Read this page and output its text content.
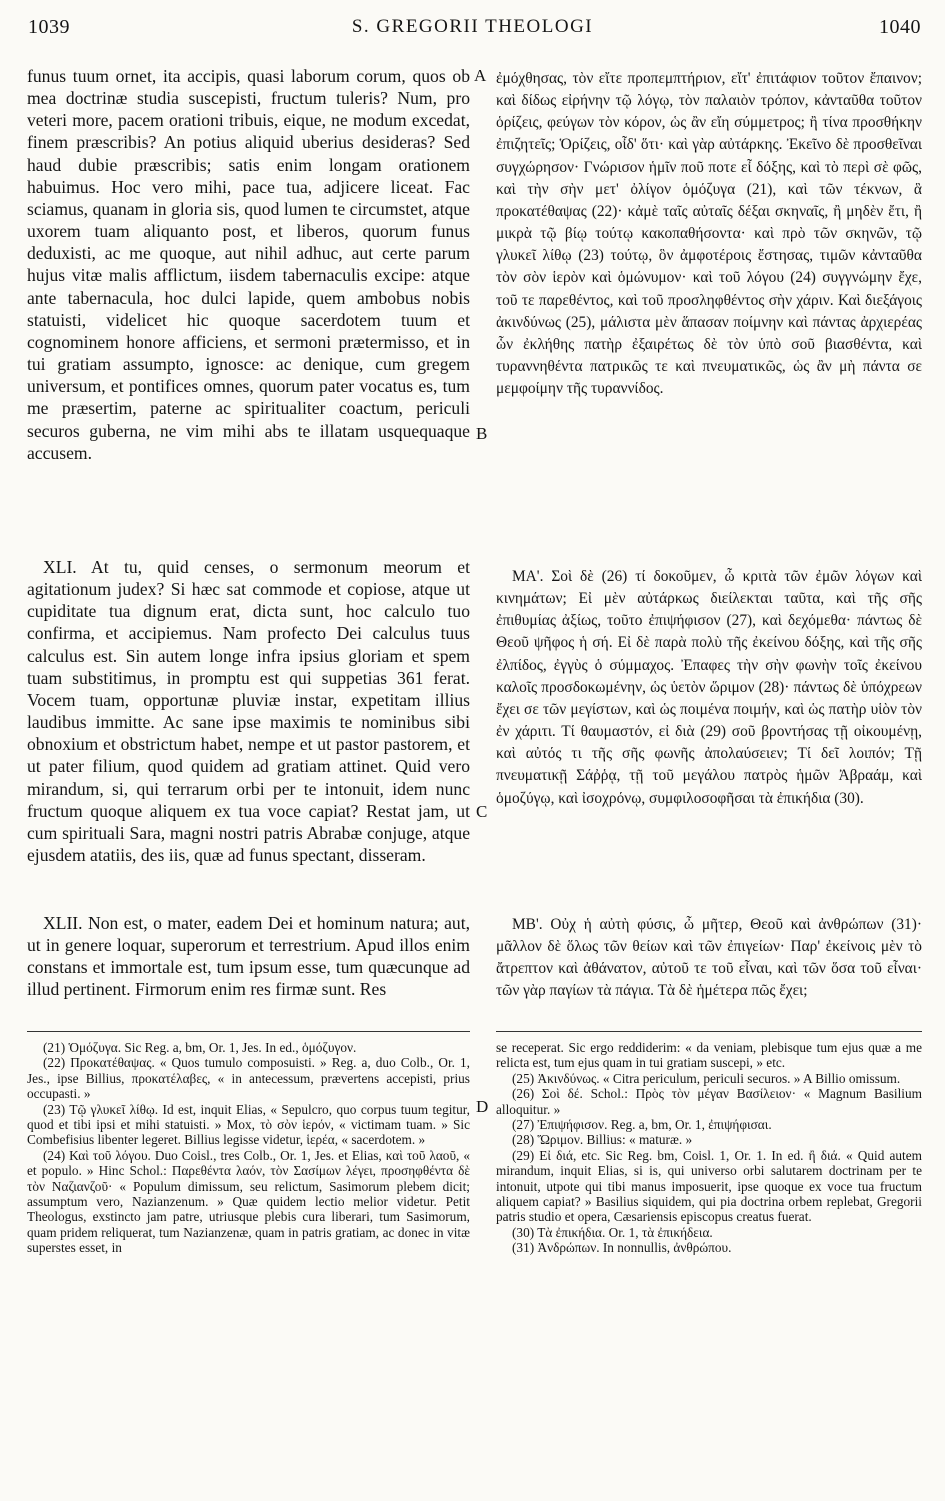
1039	S. GREGORII THEOLOGI	1040

funus tuum ornet, ita accipis, quasi laborum corum, quos ob mea doctrinæ studia suscepisti, fructum tuleris? Num, pro veteri more, pacem orationi tribuis, eique, ne modum excedat, finem præscribis? An potius aliquid uberius desideras? Sed haud dubie præscribis; satis enim longam orationem habuimus. Hoc vero mihi, pace tua, adjicere liceat. Fac sciamus, quanam in gloria sis, quod lumen te circumstet, atque uxorem tuam aliquanto post, et liberos, quorum funus deduxisti, ac me quoque, aut nihil adhuc, aut certe parum hujus vitæ malis afflictum, iisdem tabernaculis excipe: atque ante tabernacula, hoc dulci lapide, quem ambobus nobis statuisti, videlicet hic quoque sacerdotem tuum et cognominem honore afficiens, et sermoni prætermisso, et in tui gratiam assumpto, ignosce: ac denique, cum gregem universum, et pontifices omnes, quorum pater vocatus es, tum me præsertim, paterne ac spiritualiter coactum, periculi securos guberna, ne vim mihi abs te illatam usquequaque accusem.

XLI. At tu, quid censes, o sermonum meorum et agitationum judex? Si hæc sat commode et copiose, atque ut cupiditate tua dignum erat, dicta sunt, hoc calculo tuo confirma, et accipiemus. Nam profecto Dei calculus tuus calculus est. Sin autem longe infra ipsius gloriam et spem tuam substitimus, in promptu est qui suppetias 361 ferat. Vocem tuam, opportunæ pluviæ instar, expetitam illius laudibus immitte. Ac sane ipse maximis te nominibus sibi obnoxium et obstrictum habet, nempe et ut pastor pastorem, et ut pater filium, quod quidem ad gratiam attinet. Quid vero mirandum, si, qui terrarum orbi per te intonuit, idem nunc fructum quoque aliquem ex tua voce capiat? Restat jam, ut cum spirituali Sara, magni nostri patris Abrabæ conjuge, atque ejusdem atatiis, des iis, quæ ad funus spectant, disseram.

XLII. Non est, o mater, eadem Dei et hominum natura; aut, ut in genere loquar, superorum et terrestrium. Apud illos enim constans et immortale est, tum ipsum esse, tum quæcunque ad illud pertinent. Firmorum enim res firmæ sunt. Res

ἐμόχθησας, τὸν εἴτε προπεμπτήριον, εἴτ' ἐπιτάφιον τοῦτον ἔπαινον; καὶ δίδως εἰρήνην τῷ λόγῳ, τὸν παλαιὸν τρόπον, κἀνταῦθα τοῦτον ὁρίζεις, φεύγων τὸν κόρον, ὡς ἂν εἴη σύμμετρος; ἢ τίνα προσθήκην ἐπιζητεῖς; Ὁρίζεις, οἶδ' ὅτι· καὶ γὰρ αὐτάρκης. Ἐκεῖνο δὲ προσθεῖναι συγχώρησον· Γνώρισον ἡμῖν ποῦ ποτε εἶ δόξης, καὶ τὸ περὶ σὲ φῶς, καὶ τὴν σὴν μετ' ὀλίγον ὁμόζυγα (21), καὶ τῶν τέκνων, ἃ προκατέθαψας (22)· κἀμὲ ταῖς αὐταῖς δέξαι σκηναῖς, ἢ μηδὲν ἔτι, ἢ μικρὰ τῷ βίῳ τούτῳ κακοπαθήσοντα· καὶ πρὸ τῶν σκηνῶν, τῷ γλυκεῖ λίθῳ (23) τούτῳ, ὃν ἀμφοτέροις ἔστησας, τιμῶν κἀνταῦθα τὸν σὸν ἱερὸν καὶ ὁμώνυμον· καὶ τοῦ λόγου (24) συγγνώμην ἔχε, τοῦ τε παρεθέντος, καὶ τοῦ προσληφθέντος σὴν χάριν. Καὶ διεξάγοις ἀκινδύνως (25), μάλιστα μὲν ἅπασαν ποίμνην καὶ πάντας ἀρχιερέας ὧν ἐκλήθης πατὴρ ἐξαιρέτως δὲ τὸν ὑπὸ σοῦ βιασθέντα, καὶ τυραννηθέντα πατρικῶς τε καὶ πνευματικῶς, ὡς ἂν μὴ πάντα σε μεμφοίμην τῆς τυραννίδος.

ΜΑ'. Σοὶ δὲ (26) τί δοκοῦμεν, ὦ κριτὰ τῶν ἐμῶν λόγων καὶ κινημάτων; Εἰ μὲν αὐτάρκως διείλεκται ταῦτα, καὶ τῆς σῆς ἐπιθυμίας ἀξίως, τοῦτο ἐπιψήφισον (27), καὶ δεχόμεθα· πάντως δὲ Θεοῦ ψῆφος ἡ σή. Εἰ δὲ παρὰ πολὺ τῆς ἐκείνου δόξης, καὶ τῆς σῆς ἐλπίδος, ἐγγὺς ὁ σύμμαχος. Ἐπαφες τὴν σὴν φωνὴν τοῖς ἐκείνου καλοῖς προσδοκωμένην, ὡς ὑετὸν ὥριμον (28)· πάντως δὲ ὑπόχρεων ἔχει σε τῶν μεγίστων, καὶ ὡς ποιμένα ποιμήν, καὶ ὡς πατὴρ υἱὸν τὸν ἐν χάριτι. Τί θαυμαστόν, εἰ διὰ (29) σοῦ βροντήσας τῇ οἰκουμένῃ, καὶ αὐτός τι τῆς σῆς φωνῆς ἀπολαύσειεν; Τί δεῖ λοιπόν; Τῇ πνευματικῇ Σάῤῥᾳ, τῇ τοῦ μεγάλου πατρὸς ἡμῶν Ἀβραάμ, καὶ ὁμοζύγῳ, καὶ ἰσοχρόνῳ, συμφιλοσοφῆσαι τὰ ἐπικήδια (30).

ΜΒ'. Οὐχ ἡ αὐτὴ φύσις, ὦ μῆτερ, Θεοῦ καὶ ἀνθρώπων (31)· μᾶλλον δὲ ὅλως τῶν θείων καὶ τῶν ἐπιγείων· Παρ' ἐκείνοις μὲν τὸ ἄτρεπτον καὶ ἀθάνατον, αὐτοῦ τε τοῦ εἶναι, καὶ τῶν ὅσα τοῦ εἶναι· τῶν γὰρ παγίων τὰ πάγια. Τὰ δὲ ἡμέτερα πῶς ἔχει;

A
B
C
D

(21) Ὁμόζυγα. Sic Reg. a, bm, Or. 1, Jes. In ed., ὁμόζυγον.

(22) Προκατέθαψας. « Quos tumulo composuisti. » Reg. a, duo Colb., Or. 1, Jes., ipse Billius, προκατέλαβες, « in antecessum, prævertens accepisti, prius occupasti. »

(23) Τῷ γλυκεῖ λίθῳ. Id est, inquit Elias, « Sepulcro, quo corpus tuum tegitur, quod et tibi ipsi et mihi statuisti. » Mox, τὸ σὸν ἱερόν, « victimam tuam. » Sic Combefisius libenter legeret. Billius legisse videtur, ἱερέα, « sacerdotem. »

(24) Καὶ τοῦ λόγου. Duo Coisl., tres Colb., Or. 1, Jes. et Elias, καὶ τοῦ λαοῦ, « et populo. » Hinc Schol.: Παρεθέντα λαόν, τὸν Σασίμων λέγει, προσηφθέντα δὲ τὸν Ναζιανζοῦ· « Populum dimissum, seu relictum, Sasimorum plebem dicit; assumptum vero, Nazianzenum. » Quæ quidem lectio melior videtur. Petit Theologus, exstincto jam patre, utriusque plebis cura liberari, tum Sasimorum, quam pridem reliquerat, tum Nazianzenæ, quam in patris gratiam, ac donec in vitæ superstes esset, in

se receperat. Sic ergo reddiderim: « da veniam, plebisque tum ejus quæ a me relicta est, tum ejus quam in tui gratiam suscepi, » etc.

(25) Ἀκινδύνως. « Citra periculum, periculi securos. » A Billio omissum.

(26) Σοὶ δέ. Schol.: Πρὸς τὸν μέγαν Βασίλειον· « Magnum Basilium alloquitur. »

(27) Ἐπιψήφισον. Reg. a, bm, Or. 1, ἐπιψήφισαι.

(28) Ὥριμον. Billius: « maturæ. »

(29) Εἰ διά, etc. Sic Reg. bm, Coisl. 1, Or. 1. In ed. ἢ διά. « Quid autem mirandum, inquit Elias, si is, qui universo orbi salutarem doctrinam per te intonuit, utpote qui tibi manus imposuerit, ipse quoque ex voce tua fructum aliquem capiat? » Basilius siquidem, qui pia doctrina orbem replebat, Gregorii patris studio et opera, Cæsariensis episcopus creatus fuerat.

(30) Τὰ ἐπικήδια. Or. 1, τὰ ἐπικήδεια.

(31) Ἀνδρώπων. In nonnullis, ἀνθρώπου.
